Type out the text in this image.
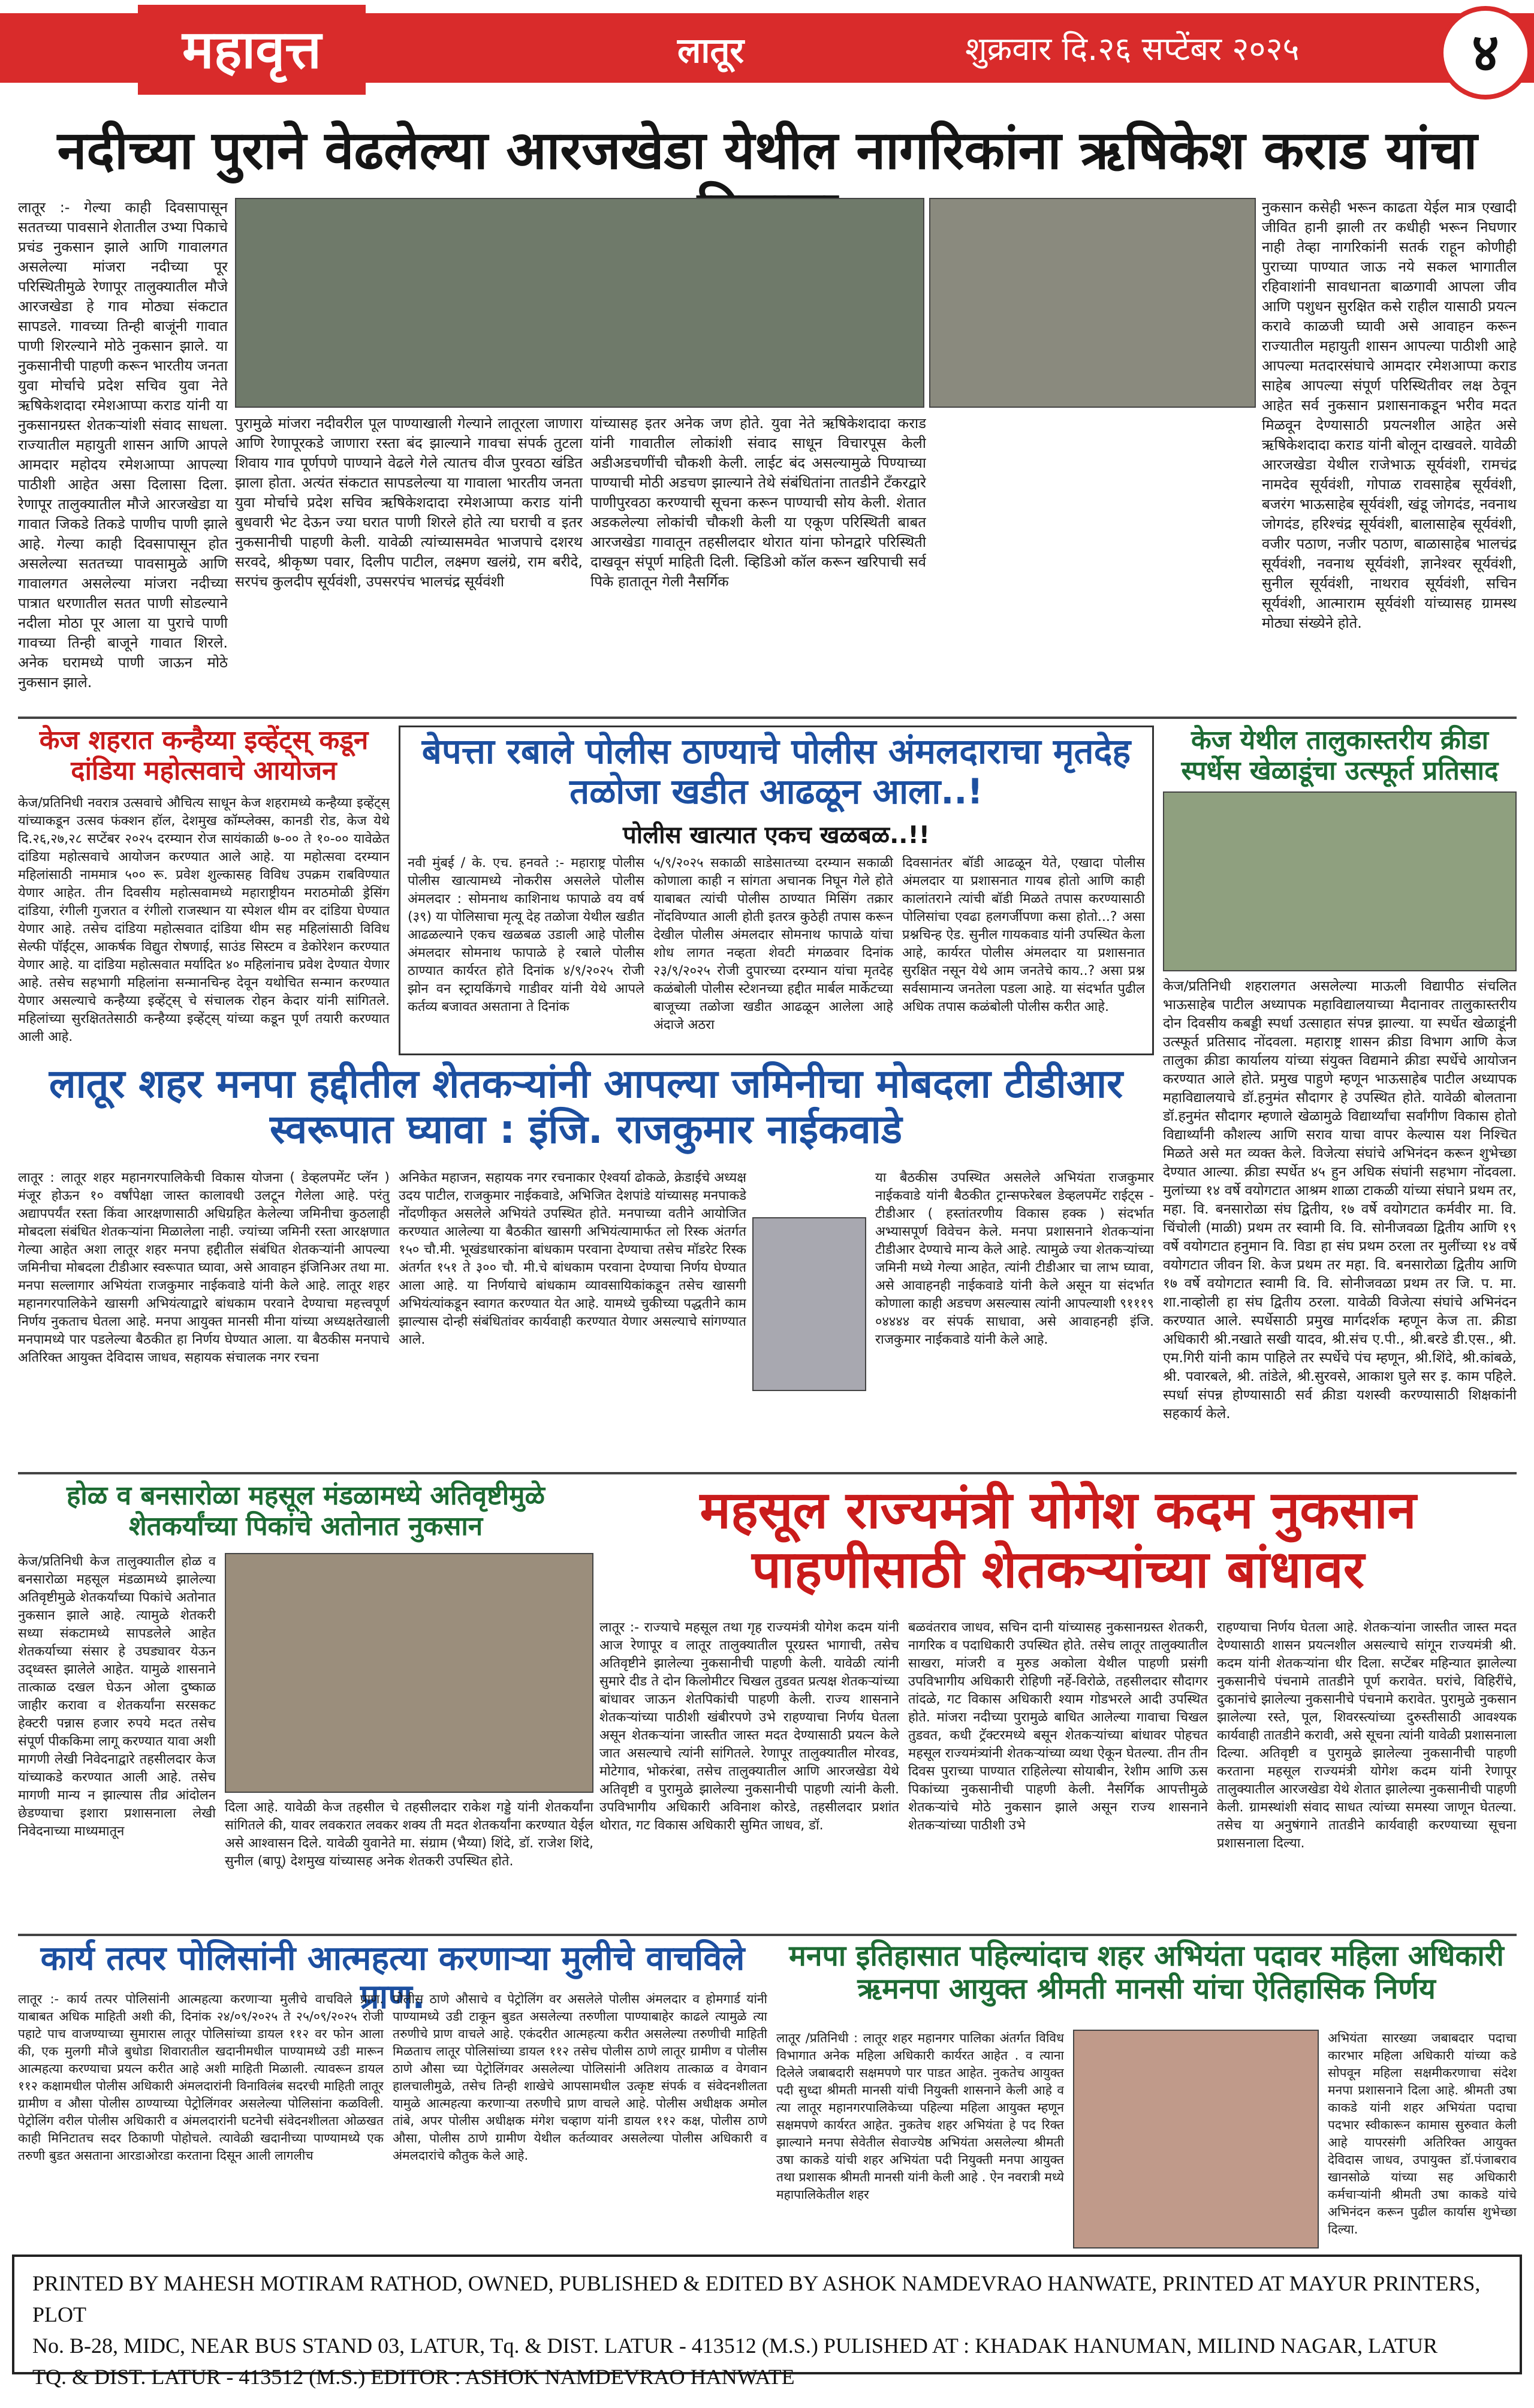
महावृत्त	लातूर	शुक्रवार दि.२६ सप्टेंबर २०२५	४
नदीच्या पुराने वेढलेल्या आरजखेडा येथील नागरिकांना ऋषिकेश कराड यांचा
लातूर :- गेल्या काही दिवसापासून सततच्या पावसाने शेतातील उभ्या पिकाचे प्रचंड नुकसान झाले आणि गावालगत असलेल्या मांजरा नदीच्या पूर परिस्थितीमुळे रेणापूर तालुक्यातील मौजे आरजखेडा हे गाव मोठ्या संकटात सापडले. गावच्या तिन्ही बाजूंनी गावात पाणी शिरल्याने मोठे नुकसान झाले. या नुकसानीची पाहणी करून भारतीय जनता युवा मोर्चाचे प्रदेश सचिव युवा नेते ऋषिकेशदादा रमेशआप्पा कराड यांनी या नुकसानग्रस्त शेतकऱ्यांशी संवाद साधला. राज्यातील महायुती शासन आणि आपले आमदार महोदय रमेशआप्पा आपल्या पाठीशी आहेत असा दिलासा दिला. रेणापूर तालुक्यातील मौजे आरजखेडा या गावात जिकडे तिकडे पाणीच पाणी झाले आहे. गेल्या काही दिवसापासून होत असलेल्या सततच्या पावसामुळे आणि गावालगत असलेल्या मांजरा नदीच्या पात्रात धरणातील सतत पाणी सोडल्याने नदीला मोठा पूर आला या पुराचे पाणी गावच्या तिन्ही बाजूने गावात शिरले. अनेक घरामध्ये पाणी जाऊन मोठे नुकसान झाले.
पुरामुळे मांजरा नदीवरील पूल पाण्याखाली गेल्याने लातूरला जाणारा आणि रेणापूरकडे जाणारा रस्ता बंद झाल्याने गावचा संपर्क तुटला शिवाय गाव पूर्णपणे पाण्याने वेढले गेले त्यातच वीज पुरवठा खंडित झाला होता. अत्यंत संकटात सापडलेल्या या गावाला भारतीय जनता युवा मोर्चाचे प्रदेश सचिव ऋषिकेशदादा रमेशआप्पा कराड यांनी बुधवारी भेट देऊन ज्या घरात पाणी शिरले होते त्या घराची व इतर नुकसानीची पाहणी केली. यावेळी त्यांच्यासमवेत भाजपाचे दशरथ सरवदे, श्रीकृष्ण पवार, दिलीप पाटील, लक्ष्मण खलंग्रे, राम बरीदे, सरपंच कुलदीप सूर्यवंशी, उपसरपंच भालचंद्र सूर्यवंशी
यांच्यासह इतर अनेक जण होते. युवा नेते ऋषिकेशदादा कराड यांनी गावातील लोकांशी संवाद साधून विचारपूस केली अडीअडचणींची चौकशी केली. लाईट बंद असल्यामुळे पिण्याच्या पाण्याची मोठी अडचण झाल्याने तेथे संबंधितांना तातडीने टँकरद्वारे पाणीपुरवठा करण्याची सूचना करून पाण्याची सोय केली. शेतात अडकलेल्या लोकांची चौकशी केली या एकूण परिस्थिती बाबत आरजखेडा गावातून तहसीलदार थोरात यांना फोनद्वारे परिस्थिती दाखवून संपूर्ण माहिती दिली. व्हिडिओ कॉल करून खरिपाची सर्व पिके हातातून गेली नैसर्गिक
नुकसान कसेही भरून काढता येईल मात्र एखादी जीवित हानी झाली तर कधीही भरून निघणार नाही तेव्हा नागरिकांनी सतर्क राहून कोणीही पुराच्या पाण्यात जाऊ नये सकल भागातील रहिवाशांनी सावधानता बाळगावी आपला जीव आणि पशुधन सुरक्षित कसे राहील यासाठी प्रयत्न करावे काळजी घ्यावी असे आवाहन करून राज्यातील महायुती शासन आपल्या पाठीशी आहे आपल्या मतदारसंघाचे आमदार रमेशआप्पा कराड साहेब आपल्या संपूर्ण परिस्थितीवर लक्ष ठेवून आहेत सर्व नुकसान प्रशासनाकडून भरीव मदत मिळवून देण्यासाठी प्रयत्नशील आहेत असे ऋषिकेशदादा कराड यांनी बोलून दाखवले. यावेळी आरजखेडा येथील राजेभाऊ सूर्यवंशी, रामचंद्र नामदेव सूर्यवंशी, गोपाळ रावसाहेब सूर्यवंशी, बजरंग भाऊसाहेब सूर्यवंशी, खंडू जोगदंड, नवनाथ जोगदंड, हरिश्चंद्र सूर्यवंशी, बालासाहेब सूर्यवंशी, वजीर पठाण, नजीर पठाण, बाळासाहेब भालचंद्र सूर्यवंशी, नवनाथ सूर्यवंशी, ज्ञानेश्वर सूर्यवंशी, सुनील सूर्यवंशी, नाथराव सूर्यवंशी, सचिन सूर्यवंशी, आत्माराम सूर्यवंशी यांच्यासह ग्रामस्थ मोठ्या संख्येने होते.
केज शहरात कन्हैय्या इव्हेंट्स् कडून दांडिया महोत्सवाचे आयोजन
केज/प्रतिनिधी नवरात्र उत्सवाचे औचित्य साधून केज शहरामध्ये कन्हैय्या इव्हेंट्स् यांच्याकडून उत्सव फंक्शन हॉल, देशमुख कॉम्प्लेक्स, कानडी रोड, केज येथे दि.२६,२७,२८ सप्टेंबर २०२५ दरम्यान रोज सायंकाळी ७-०० ते १०-०० यावेळेत दांडिया महोत्सवाचे आयोजन करण्यात आले आहे. या महोत्सवा दरम्यान महिलांसाठी नाममात्र ५०० रू. प्रवेश शुल्कासह विविध उपक्रम राबविण्यात येणार आहेत. तीन दिवसीय महोत्सवामध्ये महाराष्ट्रीयन मराठमोळी ड्रेसिंग दांडिया, रंगीली गुजरात व रंगीलो राजस्थान या स्पेशल थीम वर दांडिया घेण्यात येणार आहे. तसेच दांडिया महोत्सवात दांडिया थीम सह महिलांसाठी विविध सेल्फी पॉईंट्स, आकर्षक विद्युत रोषणाई, साउंड सिस्टम व डेकोरेशन करण्यात येणार आहे. या दांडिया महोत्सवात मर्यादित ४० महिलांनाच प्रवेश देण्यात येणार आहे. तसेच सहभागी महिलांना सन्मानचिन्ह देवून यथोचित सन्मान करण्यात येणार असल्याचे कन्हैय्या इव्हेंट्स् चे संचालक रोहन केदार यांनी सांगितले. महिलांच्या सुरक्षिततेसाठी कन्हैय्या इव्हेंट्स् यांच्या कडून पूर्ण तयारी करण्यात आली आहे.
बेपत्ता रबाले पोलीस ठाण्याचे पोलीस अंमलदाराचा मृतदेह तळोजा खडीत आढळून आला..!
पोलीस खात्यात एकच खळबळ..!!
नवी मुंबई / के. एच. हनवते :- महाराष्ट्र पोलीस पोलीस खात्यामध्ये नोकरीस असलेले पोलीस अंमलदार : सोमनाथ काशिनाथ फापाळे वय वर्ष (३९) या पोलिसाचा मृत्यू देह तळोजा येथील खडीत आढळल्याने एकच खळबळ उडाली आहे पोलीस अंमलदार सोमनाथ फापाळे हे रबाले पोलीस ठाण्यात कार्यरत होते दिनांक ४/९/२०२५ रोजी झोन वन स्ट्रायकिंगचे गाडीवर यांनी येथे आपले कर्तव्य बजावत असताना ते दिनांक
५/९/२०२५ सकाळी साडेसातच्या दरम्यान सकाळी कोणाला काही न सांगता अचानक निघून गेले होते याबाबत त्यांची पोलीस ठाण्यात मिसिंग तक्रार नोंदविण्यात आली होती इतरत्र कुठेही तपास करून देखील पोलीस अंमलदार सोमनाथ फापाळे यांचा शोध लागत नव्हता शेवटी मंगळवार दिनांक २३/९/२०२५ रोजी दुपारच्या दरम्यान यांचा मृतदेह कळंबोली पोलीस स्टेशनच्या हद्दीत मार्बल मार्केटच्या बाजूच्या तळोजा खडीत आढळून आलेला आहे अंदाजे अठरा
दिवसानंतर बॉडी आढळून येते, एखादा पोलीस अंमलदार या प्रशासनात गायब होतो आणि काही कालांतराने त्यांची बॉडी मिळते तपास करण्यासाठी पोलिसांचा एवढा हलगर्जीपणा कसा होतो...? असा प्रश्नचिन्ह ऐड. सुनील गायकवाड यांनी उपस्थित केला आहे, कार्यरत पोलीस अंमलदार या प्रशासनात सुरक्षित नसून येथे आम जनतेचे काय..? असा प्रश्न सर्वसामान्य जनतेला पडला आहे. या संदर्भात पुढील अधिक तपास कळंबोली पोलीस करीत आहे.
केज येथील तालुकास्तरीय क्रीडा स्पर्धेस खेळाडूंचा उत्स्फूर्त प्रतिसाद
केज/प्रतिनिधी शहरालगत असलेल्या माऊली विद्यापीठ संचलित भाऊसाहेब पाटील अध्यापक महाविद्यालयाच्या मैदानावर तालुकास्तरीय दोन दिवसीय कबड्डी स्पर्धा उत्साहात संपन्न झाल्या. या स्पर्धेत खेळाडूंनी उत्स्फूर्त प्रतिसाद नोंदवला. महाराष्ट्र शासन क्रीडा विभाग आणि केज तालुका क्रीडा कार्यालय यांच्या संयुक्त विद्यमाने क्रीडा स्पर्धेचे आयोजन करण्यात आले होते. प्रमुख पाहुणे म्हणून भाऊसाहेब पाटील अध्यापक महाविद्यालयाचे डॉ.हनुमंत सौदागर हे उपस्थित होते. यावेळी बोलताना डॉ.हनुमंत सौदागर म्हणाले खेळामुळे विद्यार्थ्यांचा सर्वांगीण विकास होतो विद्यार्थ्यांनी कौशल्य आणि सराव याचा वापर केल्यास यश निश्चित मिळते असे मत व्यक्त केले. विजेत्या संघांचे अभिनंदन करून शुभेच्छा देण्यात आल्या. क्रीडा स्पर्धेत ४५ हुन अधिक संघांनी सहभाग नोंदवला. मुलांच्या १४ वर्षे वयोगटात आश्रम शाळा टाकळी यांच्या संघाने प्रथम तर, महा. वि. बनसारोळा संघ द्वितीय, १७ वर्षे वयोगटात कर्मवीर मा. वि. चिंचोली (माळी) प्रथम तर स्वामी वि. वि. सोनीजवळा द्वितीय आणि १९ वर्षे वयोगटात हनुमान वि. विडा हा संघ प्रथम ठरला तर मुलींच्या १४ वर्षे वयोगटात जीवन शि. केज प्रथम तर महा. वि. बनसारोळा द्वितीय आणि १७ वर्षे वयोगटात स्वामी वि. वि. सोनीजवळा प्रथम तर जि. प. मा. शा.नाव्होली हा संघ द्वितीय ठरला. यावेळी विजेत्या संघांचे अभिनंदन करण्यात आले. स्पर्धेसाठी प्रमुख मार्गदर्शक म्हणून केज ता. क्रीडा अधिकारी श्री.नखाते सखी यादव, श्री.संच ए.पी., श्री.बरडे डी.एस., श्री. एम.गिरी यांनी काम पाहिले तर स्पर्धेचे पंच म्हणून, श्री.शिंदे, श्री.कांबळे, श्री. पवारबले, श्री. तांडेले, श्री.सुरवसे, आकाश घुले सर इ. काम पहिले. स्पर्धा संपन्न होण्यासाठी सर्व क्रीडा यशस्वी करण्यासाठी शिक्षकांनी सहकार्य केले.
लातूर शहर मनपा हद्दीतील शेतकऱ्यांनी आपल्या जमिनीचा मोबदला टीडीआर स्वरूपात घ्यावा : इंजि. राजकुमार नाईकवाडे
लातूर : लातूर शहर महानगरपालिकेची विकास योजना ( डेव्हलपमेंट प्लॅन ) मंजूर होऊन १० वर्षांपेक्षा जास्त कालावधी उलटून गेलेला आहे. परंतु अद्यापपर्यंत रस्ता किंवा आरक्षणासाठी अधिग्रहित केलेल्या जमिनीचा कुठलाही मोबदला संबंधित शेतकऱ्यांना मिळालेला नाही. ज्यांच्या जमिनी रस्ता आरक्षणात गेल्या आहेत अशा लातूर शहर मनपा हद्दीतील संबंधित शेतकऱ्यांनी आपल्या जमिनीचा मोबदला टीडीआर स्वरूपात घ्यावा, असे आवाहन इंजिनिअर तथा मा. मनपा सल्लागार अभियंता राजकुमार नाईकवाडे यांनी केले आहे. लातूर शहर महानगरपालिकेने खासगी अभियंत्याद्वारे बांधकाम परवाने देण्याचा महत्त्वपूर्ण निर्णय नुकताच घेतला आहे. मनपा आयुक्त मानसी मीना यांच्या अध्यक्षतेखाली मनपामध्ये पार पडलेल्या बैठकीत हा निर्णय घेण्यात आला. या बैठकीस मनपाचे अतिरिक्त आयुक्त देविदास जाधव, सहायक संचालक नगर रचना
अनिकेत महाजन, सहायक नगर रचनाकार ऐश्वर्या ढोकळे, क्रेडाईचे अध्यक्ष उदय पाटील, राजकुमार नाईकवाडे, अभिजित देशपांडे यांच्यासह मनपाकडे नोंदणीकृत असलेले अभियंते उपस्थित होते. मनपाच्या वतीने आयोजित करण्यात आलेल्या या बैठकीत खासगी अभियंत्यामार्फत लो रिस्क अंतर्गत १५० चौ.मी. भूखंडधारकांना बांधकाम परवाना देण्याचा तसेच मॉडरेट रिस्क अंतर्गत १५१ ते ३०० चौ. मी.चे बांधकाम परवाना देण्याचा निर्णय घेण्यात आला आहे. या निर्णयाचे बांधकाम व्यावसायिकांकडून तसेच खासगी अभियंत्यांकडून स्वागत करण्यात येत आहे. यामध्ये चुकीच्या पद्धतीने काम झाल्यास दोन्ही संबंधितांवर कार्यवाही करण्यात येणार असल्याचे सांगण्यात आले.
या बैठकीस उपस्थित असलेले अभियंता राजकुमार नाईकवाडे यांनी बैठकीत ट्रान्सफरेबल डेव्हलपमेंट राईट्स - टीडीआर ( हस्तांतरणीय विकास हक्क ) संदर्भात अभ्यासपूर्ण विवेचन केले. मनपा प्रशासनाने शेतकऱ्यांना टीडीआर देण्याचे मान्य केले आहे. त्यामुळे ज्या शेतकऱ्यांच्या जमिनी मध्ये गेल्या आहेत, त्यांनी टीडीआर चा लाभ घ्यावा, असे आवाहनही नाईकवाडे यांनी केले असून या संदर्भात कोणाला काही अडचण असल्यास त्यांनी आपल्याशी ९१११९ ०४४४४ वर संपर्क साधावा, असे आवाहनही इंजि. राजकुमार नाईकवाडे यांनी केले आहे.
होळ व बनसारोळा महसूल मंडळामध्ये अतिवृष्टीमुळे शेतकर्यांच्या पिकांचे अतोनात नुकसान
केज/प्रतिनिधी केज तालुक्यातील होळ व बनसारोळा महसूल मंडळामध्ये झालेल्या अतिवृष्टीमुळे शेतकर्यांच्या पिकांचे अतोनात नुकसान झाले आहे. त्यामुळे शेतकरी सध्या संकटामध्ये सापडलेले आहेत शेतकर्याच्या संसार हे उघड्यावर येऊन उद्ध्वस्त झालेले आहेत. यामुळे शासनाने तात्काळ दखल घेऊन ओला दुष्काळ जाहीर करावा व शेतकर्यांना सरसकट हेक्टरी पन्नास हजार रुपये मदत तसेच संपूर्ण पीककिमा लागू करण्यात यावा अशी मागणी लेखी निवेदनाद्वारे तहसीलदार केज यांच्याकडे करण्यात आली आहे. तसेच मागणी मान्य न झाल्यास तीव्र आंदोलन छेडण्याचा इशारा प्रशासनाला लेखी निवेदनाच्या माध्यमातून
दिला आहे. यावेळी केज तहसील चे तहसीलदार राकेश गड्डे यांनी शेतकर्यांना सांगितले की, यावर लवकरात लवकर शक्य ती मदत शेतकर्यांना करण्यात येईल असे आश्वासन दिले. यावेळी युवानेते मा. संग्राम (भैय्या) शिंदे, डॉ. राजेश शिंदे, सुनील (बापू) देशमुख यांच्यासह अनेक शेतकरी उपस्थित होते.
महसूल राज्यमंत्री योगेश कदम नुकसान पाहणीसाठी शेतकऱ्यांच्या बांधावर
लातूर :- राज्याचे महसूल तथा गृह राज्यमंत्री योगेश कदम यांनी आज रेणापूर व लातूर तालुक्यातील पूरग्रस्त भागाची, तसेच अतिवृष्टीने झालेल्या नुकसानीची पाहणी केली. यावेळी त्यांनी सुमारे दीड ते दोन किलोमीटर चिखल तुडवत प्रत्यक्ष शेतकऱ्यांच्या बांधावर जाऊन शेतपिकांची पाहणी केली. राज्य शासनाने शेतकऱ्यांच्या पाठीशी खंबीरपणे उभे राहण्याचा निर्णय घेतला असून शेतकऱ्यांना जास्तीत जास्त मदत देण्यासाठी प्रयत्न केले जात असल्याचे त्यांनी सांगितले. रेणापूर तालुक्यातील मोरवड, मोटेगाव, भोकरंबा, तसेच तालुक्यातील आणि आरजखेडा येथे अतिवृष्टी व पुरामुळे झालेल्या नुकसानीची पाहणी त्यांनी केली. उपविभागीय अधिकारी अविनाश कोरडे, तहसीलदार प्रशांत थोरात, गट विकास अधिकारी सुमित जाधव, डॉ.
बळवंतराव जाधव, सचिन दानी यांच्यासह नुकसानग्रस्त शेतकरी, नागरिक व पदाधिकारी उपस्थित होते. तसेच लातूर तालुक्यातील साखरा, मांजरी व मुरुड अकोला येथील पाहणी प्रसंगी उपविभागीय अधिकारी रोहिणी नर्हे-विरोळे, तहसीलदार सौदागर तांदळे, गट विकास अधिकारी श्याम गोडभरले आदी उपस्थित होते. मांजरा नदीच्या पुरामुळे बाधित आलेल्या गावाचा चिखल तुडवत, कधी ट्रॅक्टरमध्ये बसून शेतकऱ्यांच्या बांधावर पोहचत महसूल राज्यमंत्र्यांनी शेतकऱ्यांच्या व्यथा ऐकून घेतल्या. तीन तीन दिवस पुराच्या पाण्यात राहिलेल्या सोयाबीन, रेशीम आणि ऊस पिकांच्या नुकसानीची पाहणी केली. नैसर्गिक आपत्तीमुळे शेतकऱ्यांचे मोठे नुकसान झाले असून राज्य शासनाने शेतकऱ्यांच्या पाठीशी उभे
राहण्याचा निर्णय घेतला आहे. शेतकऱ्यांना जास्तीत जास्त मदत देण्यासाठी शासन प्रयत्नशील असल्याचे सांगून राज्यमंत्री श्री. कदम यांनी शेतकऱ्यांना धीर दिला. सप्टेंबर महिन्यात झालेल्या नुकसानीचे पंचनामे तातडीने पूर्ण करावेत. घरांचे, विहिरींचे, दुकानांचे झालेल्या नुकसानीचे पंचनामे करावेत. पुरामुळे नुकसान झालेल्या रस्ते, पूल, शिवरस्त्यांच्या दुरुस्तीसाठी आवश्यक कार्यवाही तातडीने करावी, असे सूचना त्यांनी यावेळी प्रशासनाला दिल्या. अतिवृष्टी व पुरामुळे झालेल्या नुकसानीची पाहणी करताना महसूल राज्यमंत्री योगेश कदम यांनी रेणापूर तालुक्यातील आरजखेडा येथे शेतात झालेल्या नुकसानीची पाहणी केली. ग्रामस्थांशी संवाद साधत त्यांच्या समस्या जाणून घेतल्या. तसेच या अनुषंगाने तातडीने कार्यवाही करण्याच्या सूचना प्रशासनाला दिल्या.
कार्य तत्पर पोलिसांनी आत्महत्या करणाऱ्या मुलीचे वाचविले प्राण.
लातूर :- कार्य तत्पर पोलिसांनी आत्महत्या करणाऱ्या मुलीचे वाचविले प्राण. याबाबत अधिक माहिती अशी की, दिनांक २४/०९/२०२५ ते २५/०९/२०२५ रोजी पहाटे पाच वाजण्याच्या सुमारास लातूर पोलिसांच्या डायल ११२ वर फोन आला की, एक मुलगी मौजे बुधोडा शिवारातील खदानीमधील पाण्यामध्ये उडी मारून आत्महत्या करण्याचा प्रयत्न करीत आहे अशी माहिती मिळाली. त्यावरून डायल ११२ कक्षामधील पोलीस अधिकारी अंमलदारांनी विनाविलंब सदरची माहिती लातूर ग्रामीण व औसा पोलीस ठाण्याच्या पेट्रोलिंगवर असलेल्या पोलिसांना कळविली. पेट्रोलिंग वरील पोलीस अधिकारी व अंमलदारांनी घटनेची संवेदनशीलता ओळखत काही मिनिटातच सदर ठिकाणी पोहोचले. त्यावेळी खदानीच्या पाण्यामध्ये एक तरुणी बुडत असताना आरडाओरडा करताना दिसून आली लागलीच
पोलीस ठाणे औसाचे व पेट्रोलिंग वर असलेले पोलीस अंमलदार व होमगार्ड यांनी पाण्यामध्ये उडी टाकून बुडत असलेल्या तरुणीला पाण्याबाहेर काढले त्यामुळे त्या तरुणीचे प्राण वाचले आहे. एकंदरीत आत्महत्या करीत असलेल्या तरुणीची माहिती मिळताच लातूर पोलिसांच्या डायल ११२ तसेच पोलीस ठाणे लातूर ग्रामीण व पोलीस ठाणे औसा च्या पेट्रोलिंगवर असलेल्या पोलिसांनी अतिशय तात्काळ व वेगवान हालचालीमुळे, तसेच तिन्ही शाखेचे आपसामधील उत्कृष्ट संपर्क व संवेदनशीलता यामुळे आत्महत्या करणाऱ्या तरुणीचे प्राण वाचले आहे. पोलीस अधीक्षक अमोल तांबे, अपर पोलीस अधीक्षक मंगेश चव्हाण यांनी डायल ११२ कक्ष, पोलीस ठाणे औसा, पोलीस ठाणे ग्रामीण येथील कर्तव्यावर असलेल्या पोलीस अधिकारी व अंमलदारांचे कौतुक केले आहे.
मनपा इतिहासात पहिल्यांदाच शहर अभियंता पदावर महिला अधिकारी ऋमनपा आयुक्त श्रीमती मानसी यांचा ऐतिहासिक निर्णय
लातूर /प्रतिनिधी : लातूर शहर महानगर पालिका अंतर्गत विविध विभागात अनेक महिला अधिकारी कार्यरत आहेत . व त्याना दिलेले जबाबदारी सक्षमपणे पार पाडत आहेत. नुकतेच आयुक्त पदी सुध्दा श्रीमती मानसी यांची नियुक्ती शासनाने केली आहे व त्या लातूर महानगरपालिकेच्या पहिल्या महिला आयुक्त म्हणून सक्षमपणे कार्यरत आहेत. नुकतेच शहर अभियंता हे पद रिक्त झाल्याने मनपा सेवेतील सेवाज्येष्ठ अभियंता असलेल्या श्रीमती उषा काकडे यांची शहर अभियंता पदी नियुक्ती मनपा आयुक्त तथा प्रशासक श्रीमती मानसी यांनी केली आहे . ऐन नवरात्री मध्ये महापालिकेतील शहर
अभियंता सारख्या जबाबदार पदाचा कारभार महिला अधिकारी यांच्या कडे सोपवून महिला सक्षमीकरणाचा संदेश मनपा प्रशासनाने दिला आहे. श्रीमती उषा काकडे यांनी शहर अभियंता पदाचा पदभार स्वीकारून कामास सुरुवात केली आहे यापरसंगी अतिरिक्त आयुक्त देविदास जाधव, उपायुक्त डॉ.पंजाबराव खानसोळे यांच्या सह अधिकारी कर्मचाऱ्यांनी श्रीमती उषा काकडे यांचे अभिनंदन करून पुढील कार्यास शुभेच्छा दिल्या.
PRINTED BY MAHESH MOTIRAM RATHOD, OWNED, PUBLISHED & EDITED BY ASHOK NAMDEVRAO HANWATE, PRINTED AT MAYUR PRINTERS, PLOT
No. B-28, MIDC, NEAR BUS STAND 03, LATUR, Tq. & DIST. LATUR - 413512 (M.S.) PULISHED AT : KHADAK HANUMAN, MILIND NAGAR, LATUR
TQ. & DIST. LATUR - 413512 (M.S.) EDITOR : ASHOK NAMDEVRAO HANWATE
